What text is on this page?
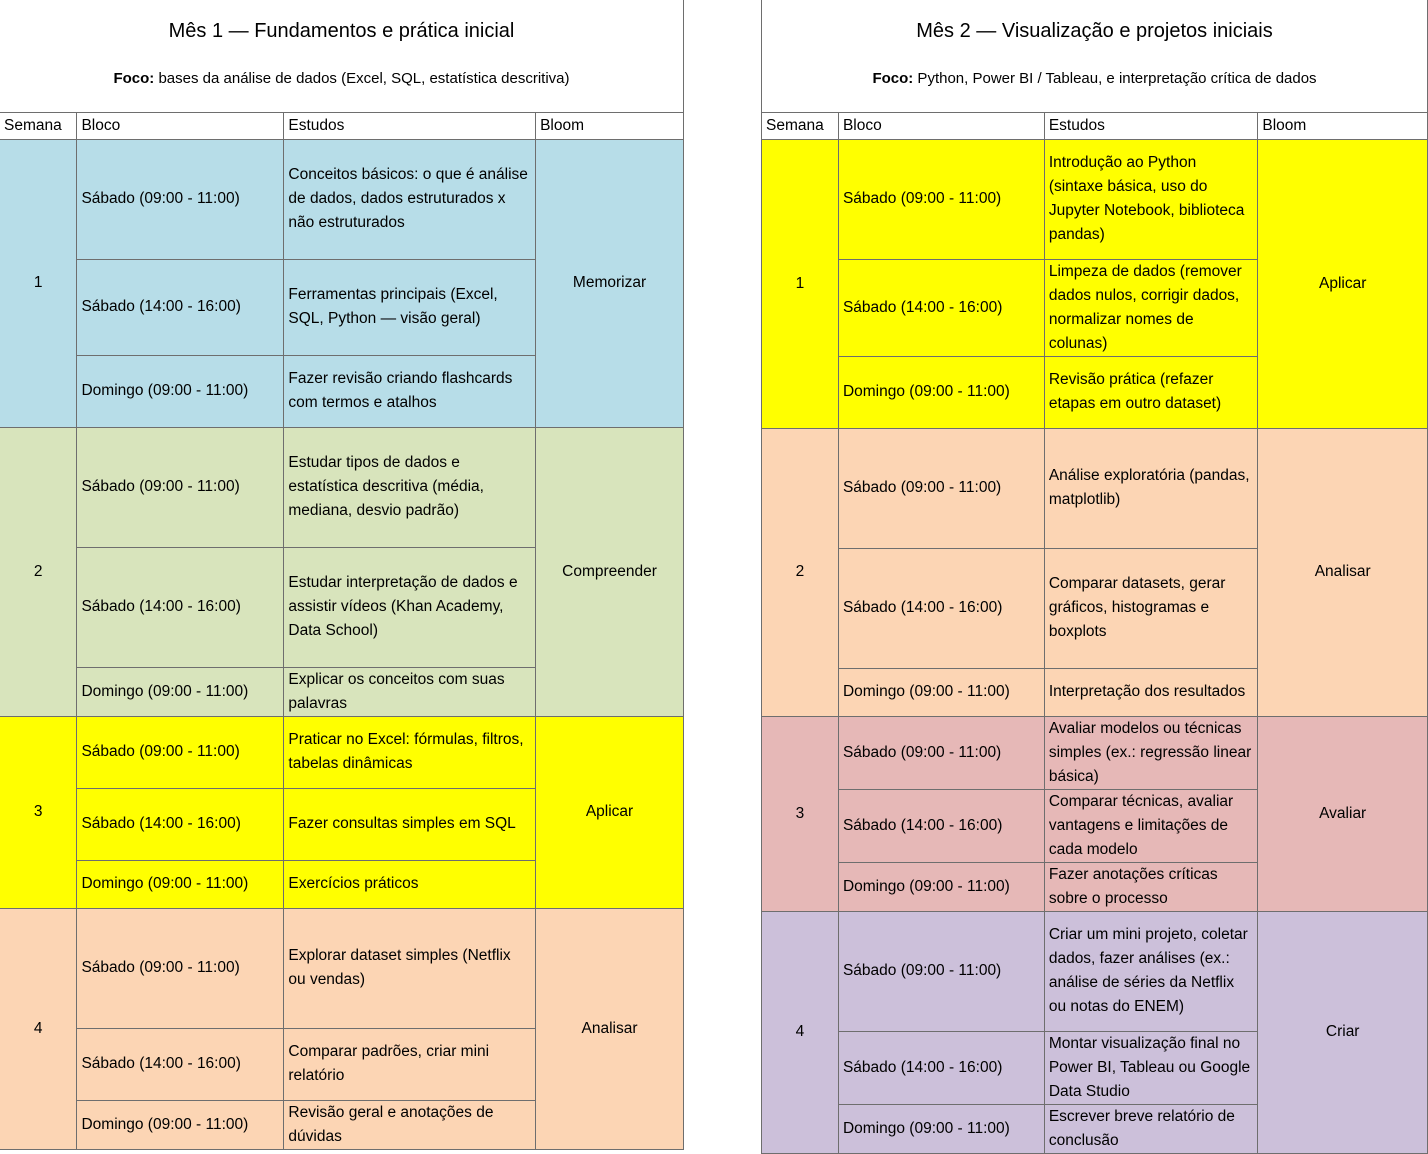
Mês 1 — Fundamentos e prática inicial
Foco: bases da análise de dados (Excel, SQL, estatística descritiva)
Semana	Bloco	Estudos	Bloom
1	Sábado (09:00 - 11:00)	Conceitos básicos: o que é análise de dados, dados estruturados x não estruturados	Memorizar
	Sábado (14:00 - 16:00)	Ferramentas principais (Excel, SQL, Python — visão geral)	
	Domingo (09:00 - 11:00)	Fazer revisão criando flashcards com termos e atalhos	
2	Sábado (09:00 - 11:00)	Estudar tipos de dados e estatística descritiva (média, mediana, desvio padrão)	Compreender
	Sábado (14:00 - 16:00)	Estudar interpretação de dados e assistir vídeos (Khan Academy, Data School)	
	Domingo (09:00 - 11:00)	Explicar os conceitos com suas palavras	
3	Sábado (09:00 - 11:00)	Praticar no Excel: fórmulas, filtros, tabelas dinâmicas	Aplicar
	Sábado (14:00 - 16:00)	Fazer consultas simples em SQL	
	Domingo (09:00 - 11:00)	Exercícios práticos	
4	Sábado (09:00 - 11:00)	Explorar dataset simples (Netflix ou vendas)	Analisar
	Sábado (14:00 - 16:00)	Comparar padrões, criar mini relatório	
	Domingo (09:00 - 11:00)	Revisão geral e anotações de dúvidas	
Mês 2 — Visualização e projetos iniciais
Foco: Python, Power BI / Tableau, e interpretação crítica de dados
Semana	Bloco	Estudos	Bloom
1	Sábado (09:00 - 11:00)	Introdução ao Python (sintaxe básica, uso do Jupyter Notebook, biblioteca pandas)	Aplicar
	Sábado (14:00 - 16:00)	Limpeza de dados (remover dados nulos, corrigir dados, normalizar nomes de colunas)	
	Domingo (09:00 - 11:00)	Revisão prática (refazer etapas em outro dataset)	
2	Sábado (09:00 - 11:00)	Análise exploratória (pandas, matplotlib)	Analisar
	Sábado (14:00 - 16:00)	Comparar datasets, gerar gráficos, histogramas e boxplots	
	Domingo (09:00 - 11:00)	Interpretação dos resultados	
3	Sábado (09:00 - 11:00)	Avaliar modelos ou técnicas simples (ex.: regressão linear básica)	Avaliar
	Sábado (14:00 - 16:00)	Comparar técnicas, avaliar vantagens e limitações de cada modelo	
	Domingo (09:00 - 11:00)	Fazer anotações críticas sobre o processo	
4	Sábado (09:00 - 11:00)	Criar um mini projeto, coletar dados, fazer análises (ex.: análise de séries da Netflix ou notas do ENEM)	Criar
	Sábado (14:00 - 16:00)	Montar visualização final no Power BI, Tableau ou Google Data Studio	
	Domingo (09:00 - 11:00)	Escrever breve relatório de conclusão	
